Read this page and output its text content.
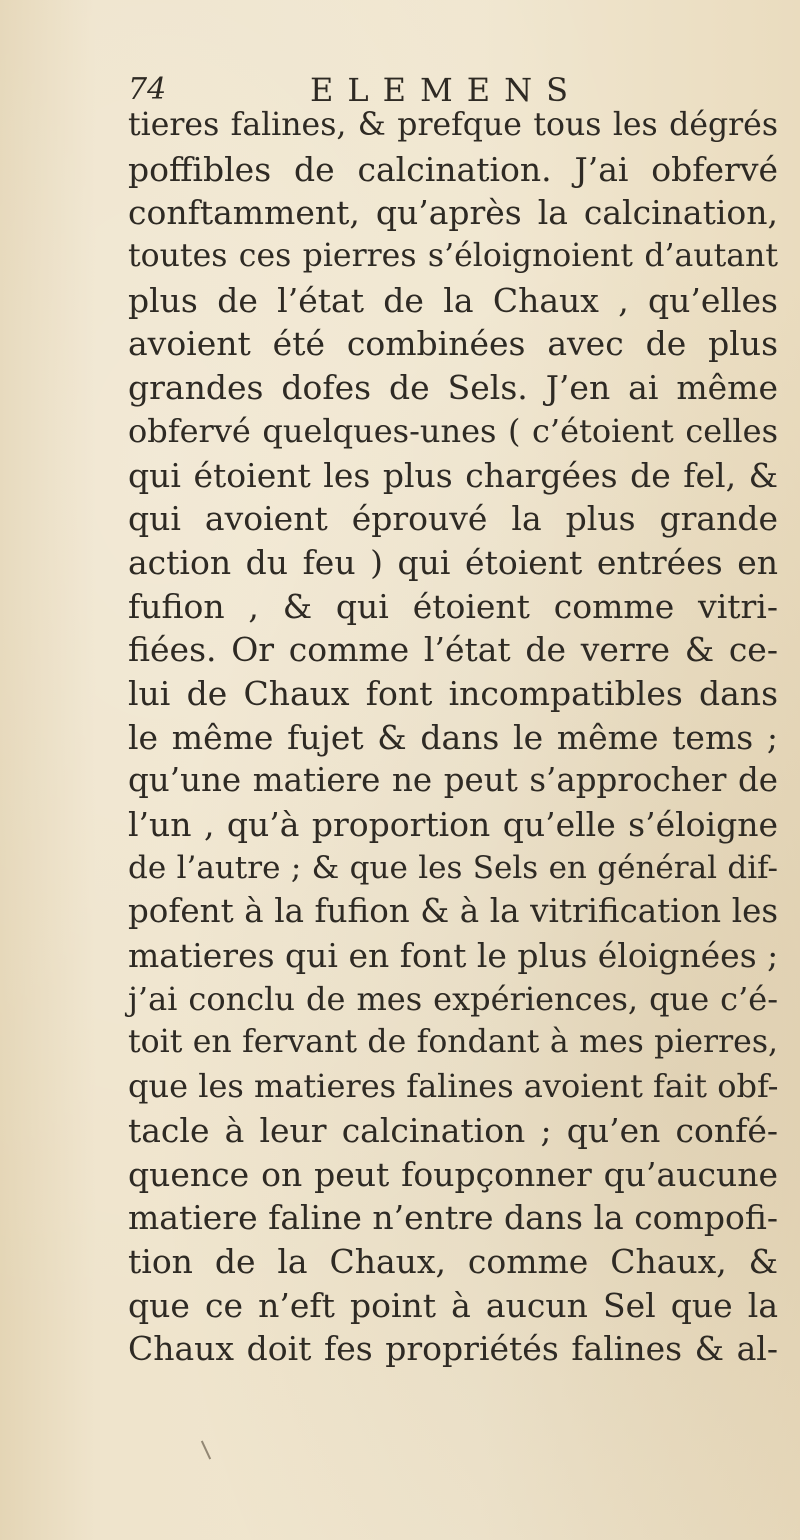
74	ELEMENS
tieres falines, & prefque tous les dégrés
poffibles de calcination. J’ai obfervé
conftamment, qu’après la calcination,
toutes ces pierres s’éloignoient d’autant
plus de l’état de la Chaux , qu’elles
avoient été combinées avec de plus
grandes dofes de Sels. J’en ai même
obfervé quelques-unes ( c’étoient celles
qui étoient les plus chargées de fel, &
qui avoient éprouvé la plus grande
action du feu ) qui étoient entrées en
fufion , & qui étoient comme vitri-
fiées. Or comme l’état de verre & ce-
lui de Chaux font incompatibles dans
le même fujet & dans le même tems ;
qu’une matiere ne peut s’approcher de
l’un , qu’à proportion qu’elle s’éloigne
de l’autre ; & que les Sels en général dif-
pofent à la fufion & à la vitrification les
matieres qui en font le plus éloignées ;
j’ai conclu de mes expériences, que c’é-
toit en fervant de fondant à mes pierres,
que les matieres falines avoient fait obf-
tacle à leur calcination ; qu’en confé-
quence on peut foupçonner qu’aucune
matiere faline n’entre dans la compofi-
tion de la Chaux, comme Chaux, &
que ce n’eft point à aucun Sel que la
Chaux doit fes propriétés falines & al-
